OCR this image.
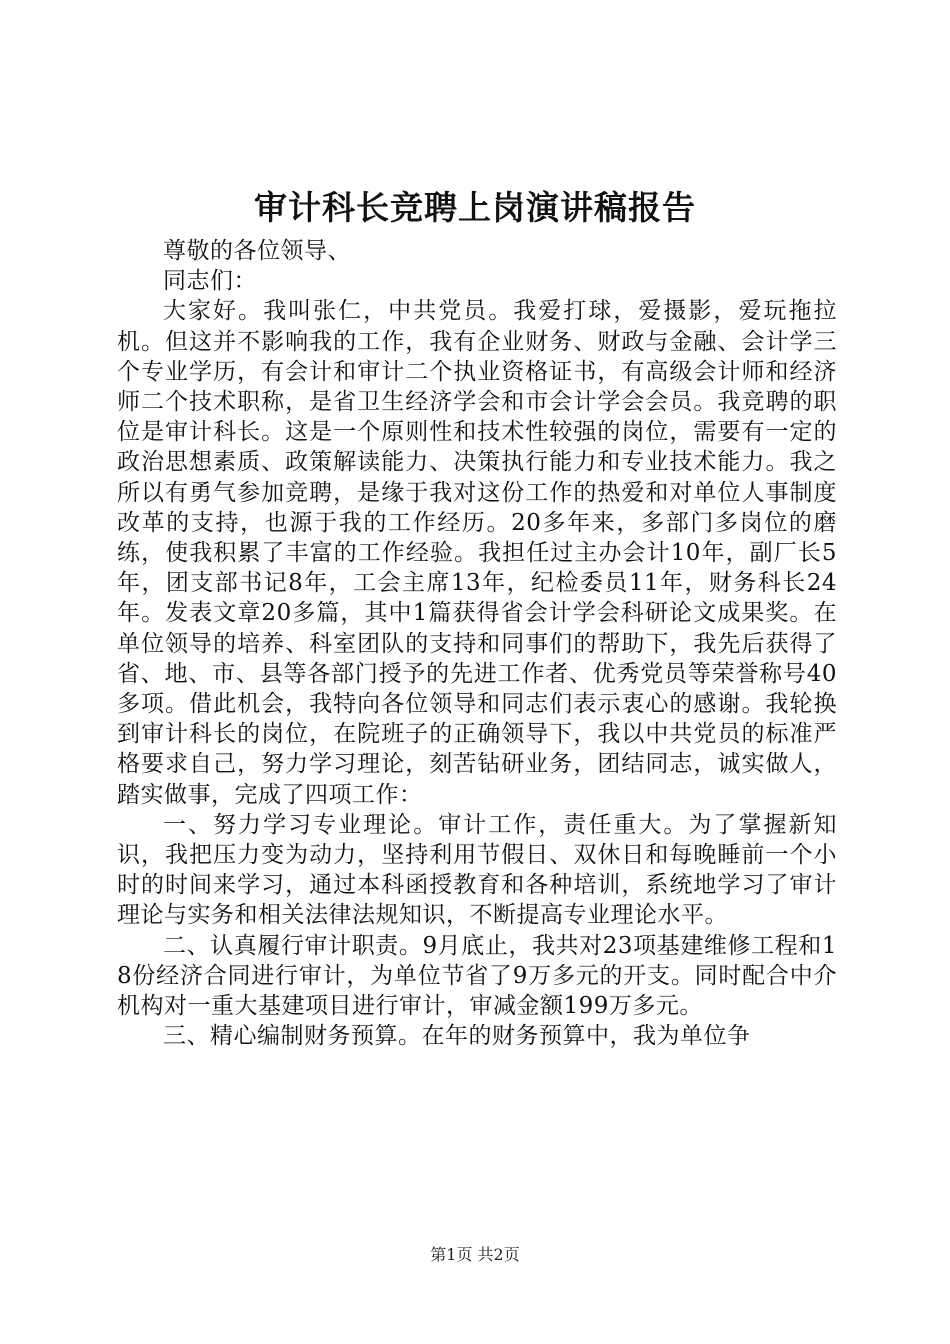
审计科长竞聘上岗演讲稿报告

尊敬的各位领导、

同志们：

大家好。我叫张仁，中共党员。我爱打球，爱摄影，爱玩拖拉机。但这并不影响我的工作，我有企业财务、财政与金融、会计学三个专业学历，有会计和审计二个执业资格证书，有高级会计师和经济师二个技术职称，是省卫生经济学会和市会计学会会员。我竞聘的职位是审计科长。这是一个原则性和技术性较强的岗位，需要有一定的政治思想素质、政策解读能力、决策执行能力和专业技术能力。我之所以有勇气参加竞聘，是缘于我对这份工作的热爱和对单位人事制度改革的支持，也源于我的工作经历。20多年来，多部门多岗位的磨练，使我积累了丰富的工作经验。我担任过主办会计10年，副厂长5年，团支部书记8年，工会主席13年，纪检委员11年，财务科长24年。发表文章20多篇，其中1篇获得省会计学会科研论文成果奖。在单位领导的培养、科室团队的支持和同事们的帮助下，我先后获得了省、地、市、县等各部门授予的先进工作者、优秀党员等荣誉称号40多项。借此机会，我特向各位领导和同志们表示衷心的感谢。我轮换到审计科长的岗位，在院班子的正确领导下，我以中共党员的标准严格要求自己，努力学习理论，刻苦钻研业务，团结同志，诚实做人，踏实做事，完成了四项工作：

一、努力学习专业理论。审计工作，责任重大。为了掌握新知识，我把压力变为动力，坚持利用节假日、双休日和每晚睡前一个小时的时间来学习，通过本科函授教育和各种培训，系统地学习了审计理论与实务和相关法律法规知识，不断提高专业理论水平。

二、认真履行审计职责。9月底止，我共对23项基建维修工程和18份经济合同进行审计，为单位节省了9万多元的开支。同时配合中介机构对一重大基建项目进行审计，审减金额199万多元。

三、精心编制财务预算。在年的财务预算中，我为单位争

第1页 共2页
